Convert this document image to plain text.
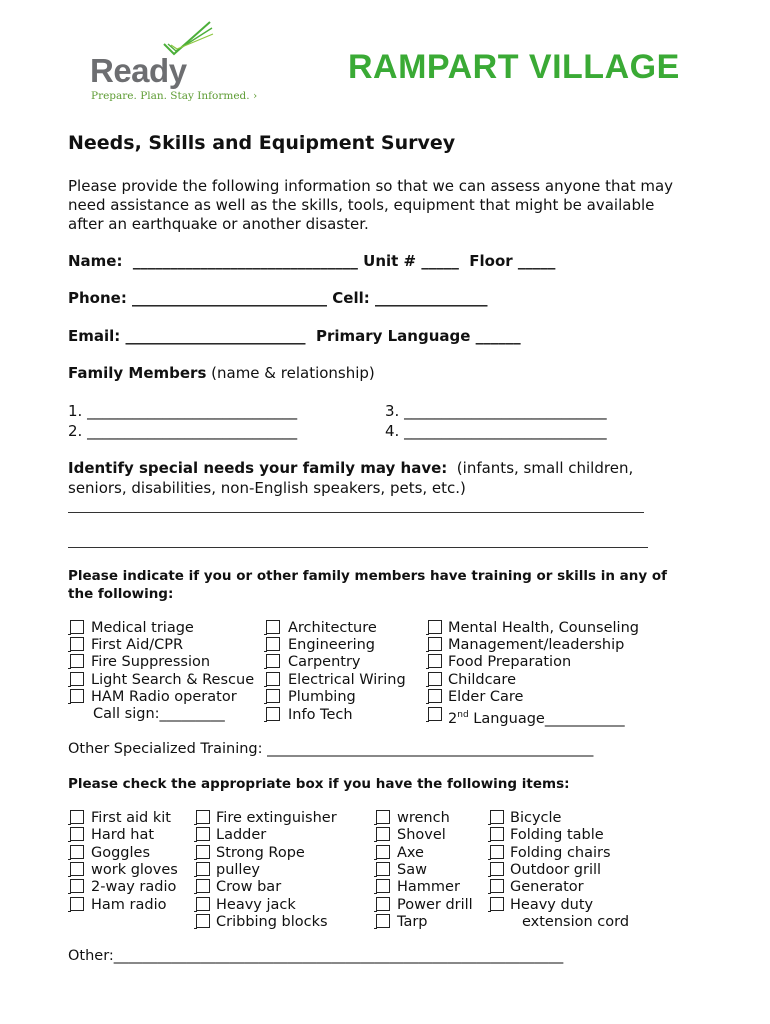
Ready
Prepare. Plan. Stay Informed. ›
RAMPART VILLAGE
Needs, Skills and Equipment Survey
Please provide the following information so that we can assess anyone that may
need assistance as well as the skills, tools, equipment that might be available
after an earthquake or another disaster.
Name:  ______________________________ Unit # _____  Floor _____
Phone: __________________________ Cell: _______________
Email: ________________________  Primary Language ______
Family Members (name & relationship)
1. ____________________________
2. ____________________________
3. ___________________________
4. ___________________________
Identify special needs your family may have:  (infants, small children,
seniors, disabilities, non-English speakers, pets, etc.)
Please indicate if you or other family members have training or skills in any of
the following:
Medical triage
First Aid/CPR
Fire Suppression
Light Search & Rescue
HAM Radio operator
Call sign:_________
Architecture
Engineering
Carpentry
Electrical Wiring
Plumbing
Info Tech
Mental Health, Counseling
Management/leadership
Food Preparation
Childcare
Elder Care
2nd Language___________
Other Specialized Training: _____________________________________________
Please check the appropriate box if you have the following items:
First aid kit
Hard hat
Goggles
work gloves
2-way radio
Ham radio
Fire extinguisher
Ladder
Strong Rope
pulley
Crow bar
Heavy jack
Cribbing blocks
wrench
Shovel
Axe
Saw
Hammer
Power drill
Tarp
Bicycle
Folding table
Folding chairs
Outdoor grill
Generator
Heavy duty
extension cord
Other:______________________________________________________________
